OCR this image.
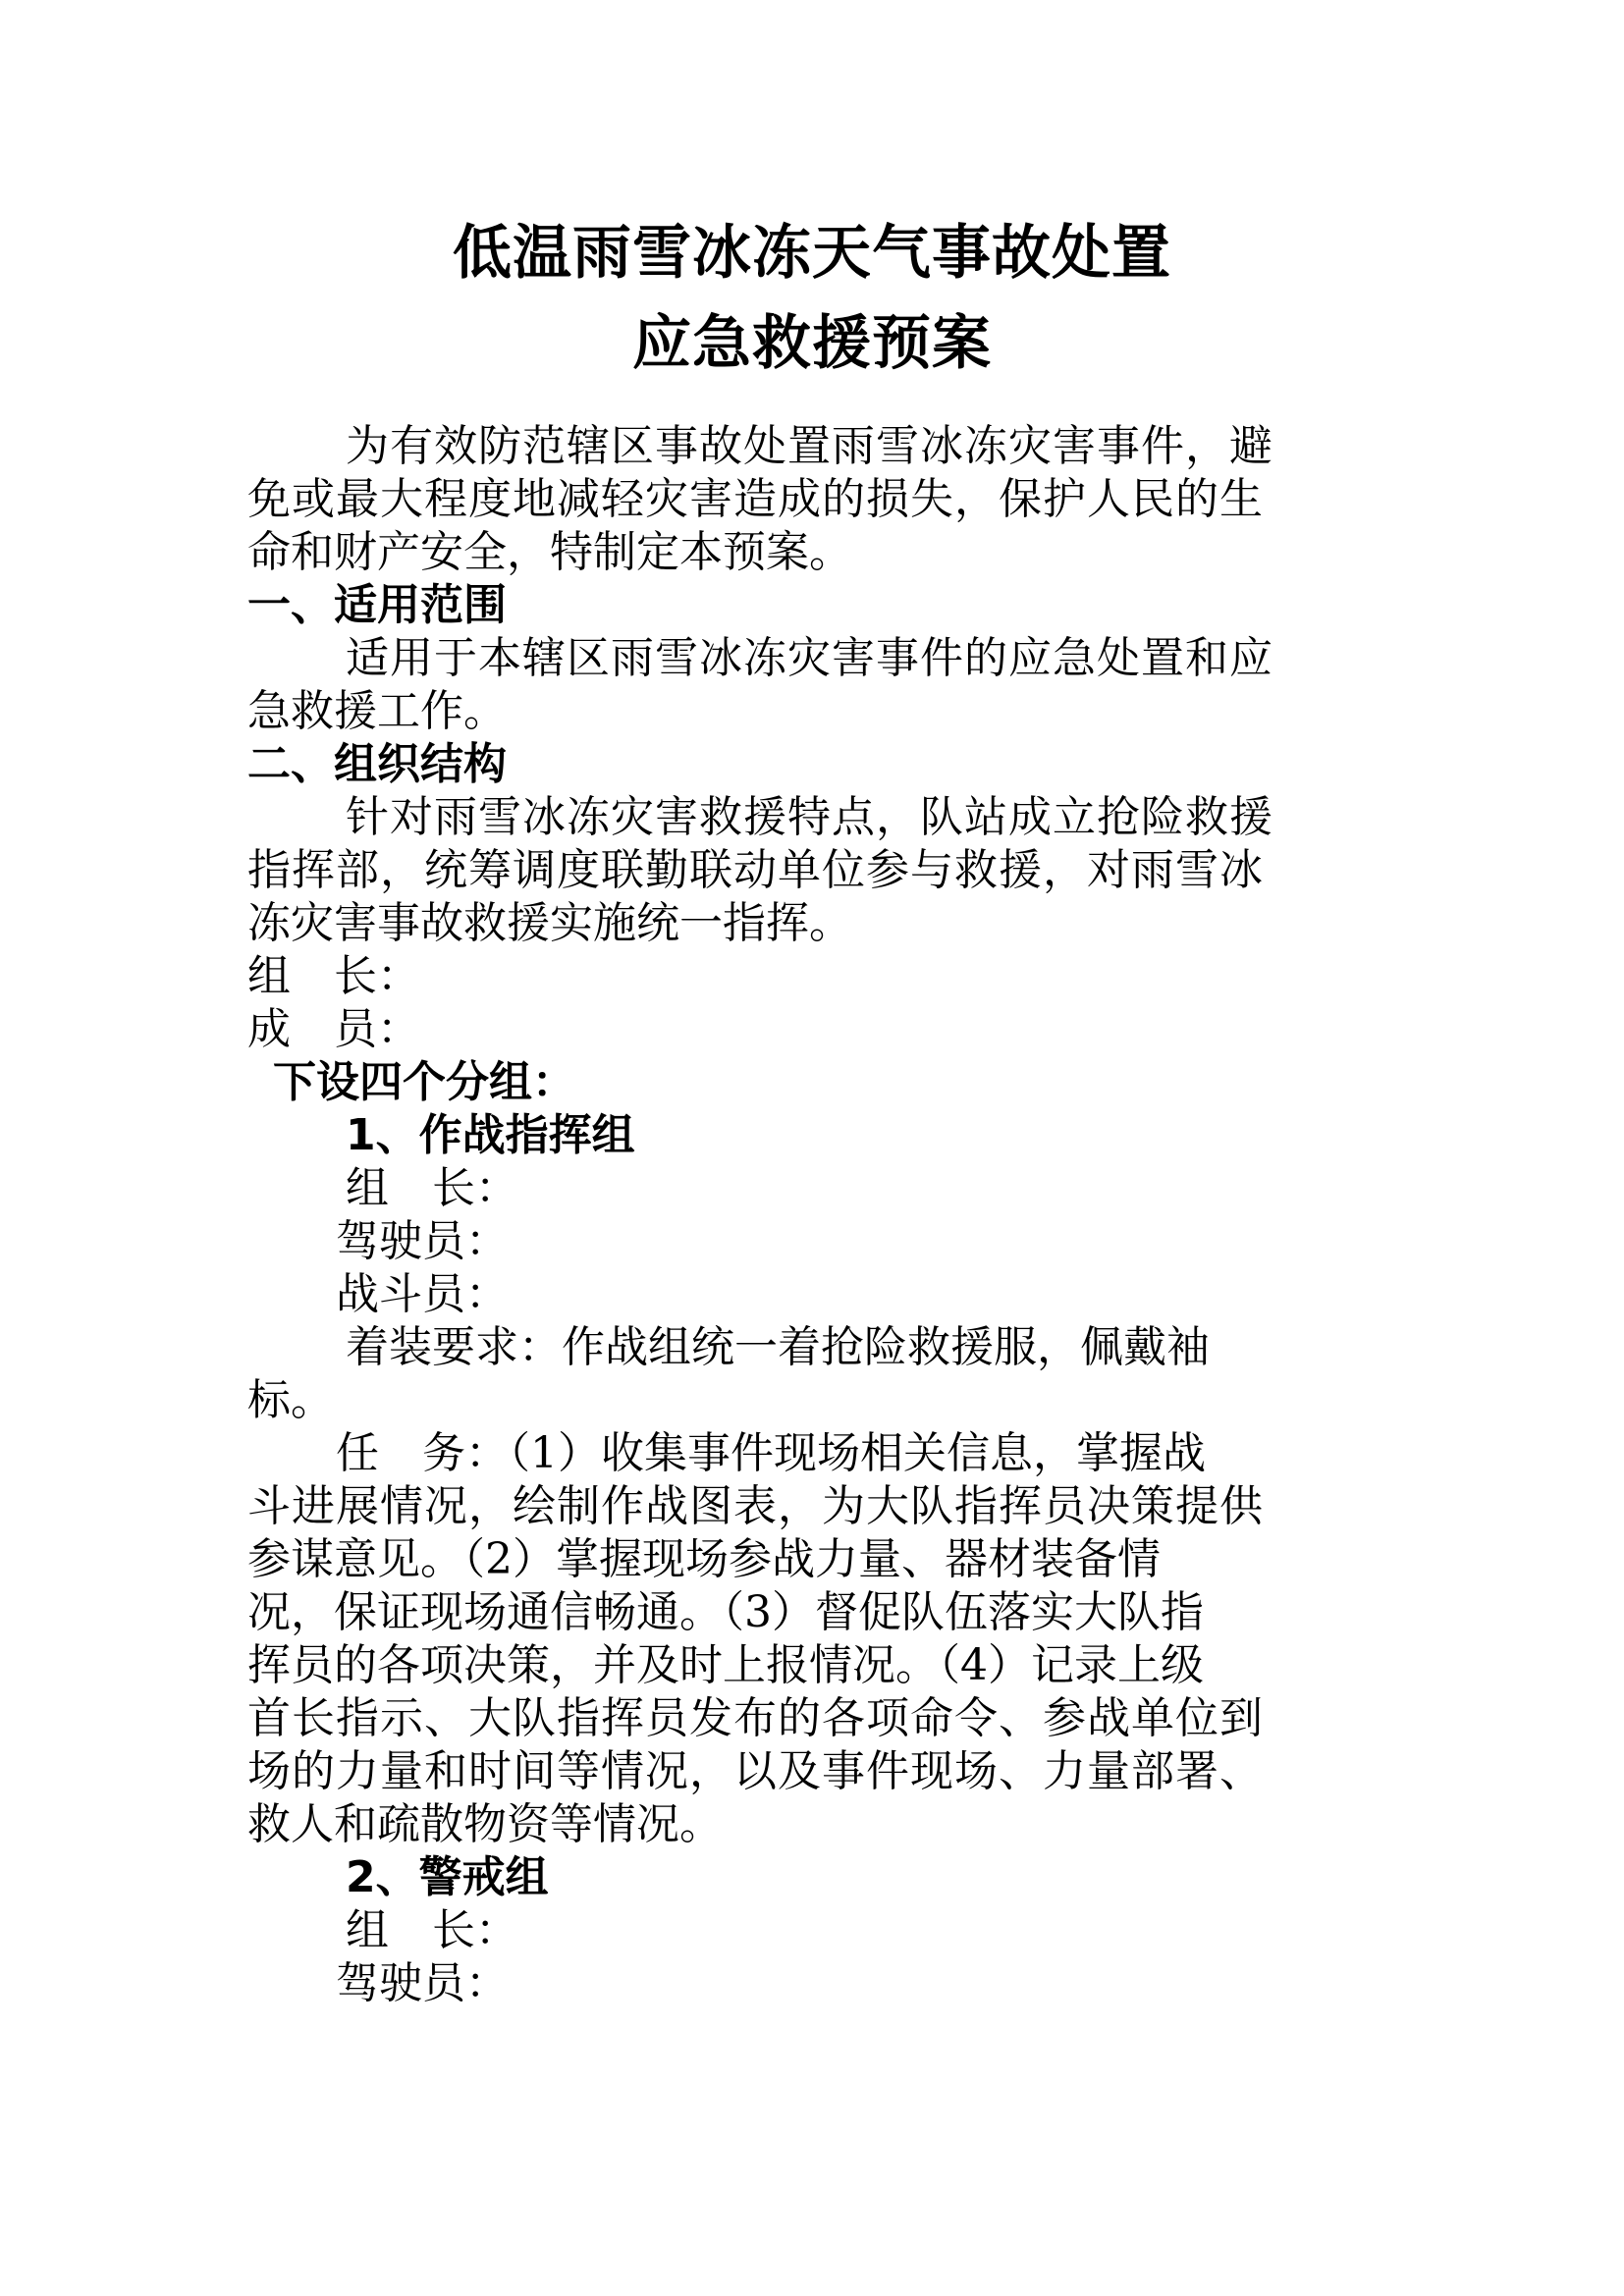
低温雨雪冰冻天气事故处置
应急救援预案
为有效防范辖区事故处置雨雪冰冻灾害事件，避
免或最大程度地减轻灾害造成的损失，保护人民的生
命和财产安全，特制定本预案。
一、适用范围
适用于本辖区雨雪冰冻灾害事件的应急处置和应
急救援工作。
二、组织结构
针对雨雪冰冻灾害救援特点，队站成立抢险救援
指挥部，统筹调度联勤联动单位参与救援，对雨雪冰
冻灾害事故救援实施统一指挥。
组　长：
成　员：
下设四个分组：
1、作战指挥组
组　长：
驾驶员：
战斗员：
着装要求：作战组统一着抢险救援服，佩戴袖
标。
任　务：（1）收集事件现场相关信息，掌握战
斗进展情况，绘制作战图表，为大队指挥员决策提供
参谋意见。（2）掌握现场参战力量、器材装备情
况，保证现场通信畅通。（3）督促队伍落实大队指
挥员的各项决策，并及时上报情况。（4）记录上级
首长指示、大队指挥员发布的各项命令、参战单位到
场的力量和时间等情况，以及事件现场、力量部署、
救人和疏散物资等情况。
2、警戒组
组　长：
驾驶员：
